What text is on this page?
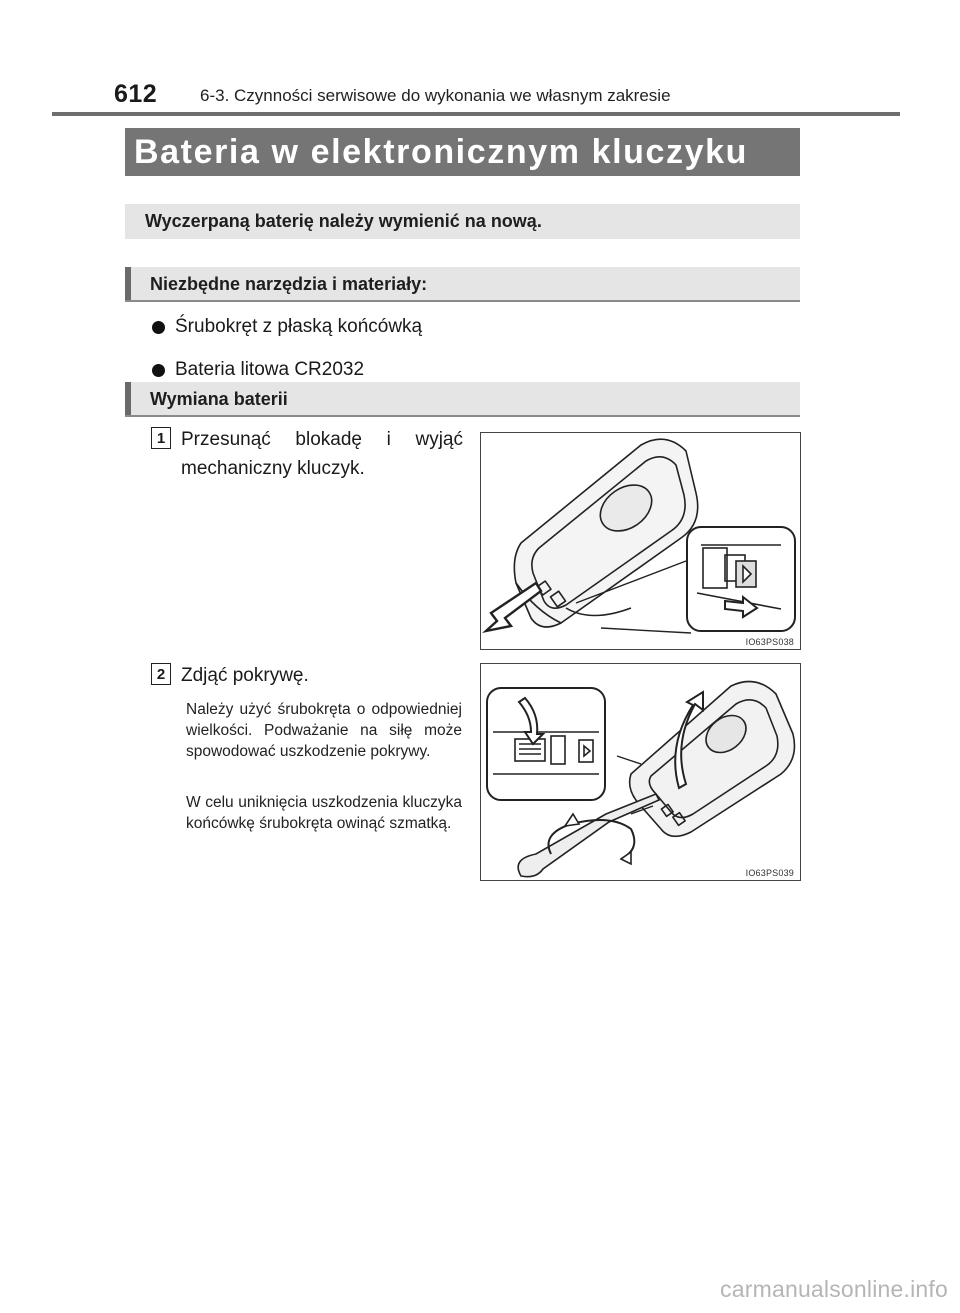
612	6-3. Czynności serwisowe do wykonania we własnym zakresie
Bateria w elektronicznym kluczyku
Wyczerpaną baterię należy wymienić na nową.
Niezbędne narzędzia i materiały:
Śrubokręt z płaską końcówką
Bateria litowa CR2032
Wymiana baterii
1 Przesunąć blokadę i wyjąć mechaniczny kluczyk.
IO63PS038
2 Zdjąć pokrywę.
Należy użyć śrubokręta o odpowiedniej wielkości. Podważanie na siłę może spowodować uszkodzenie pokrywy.
W celu uniknięcia uszkodzenia kluczyka końcówkę śrubokręta owinąć szmatką.
IO63PS039
carmanualsonline.info
